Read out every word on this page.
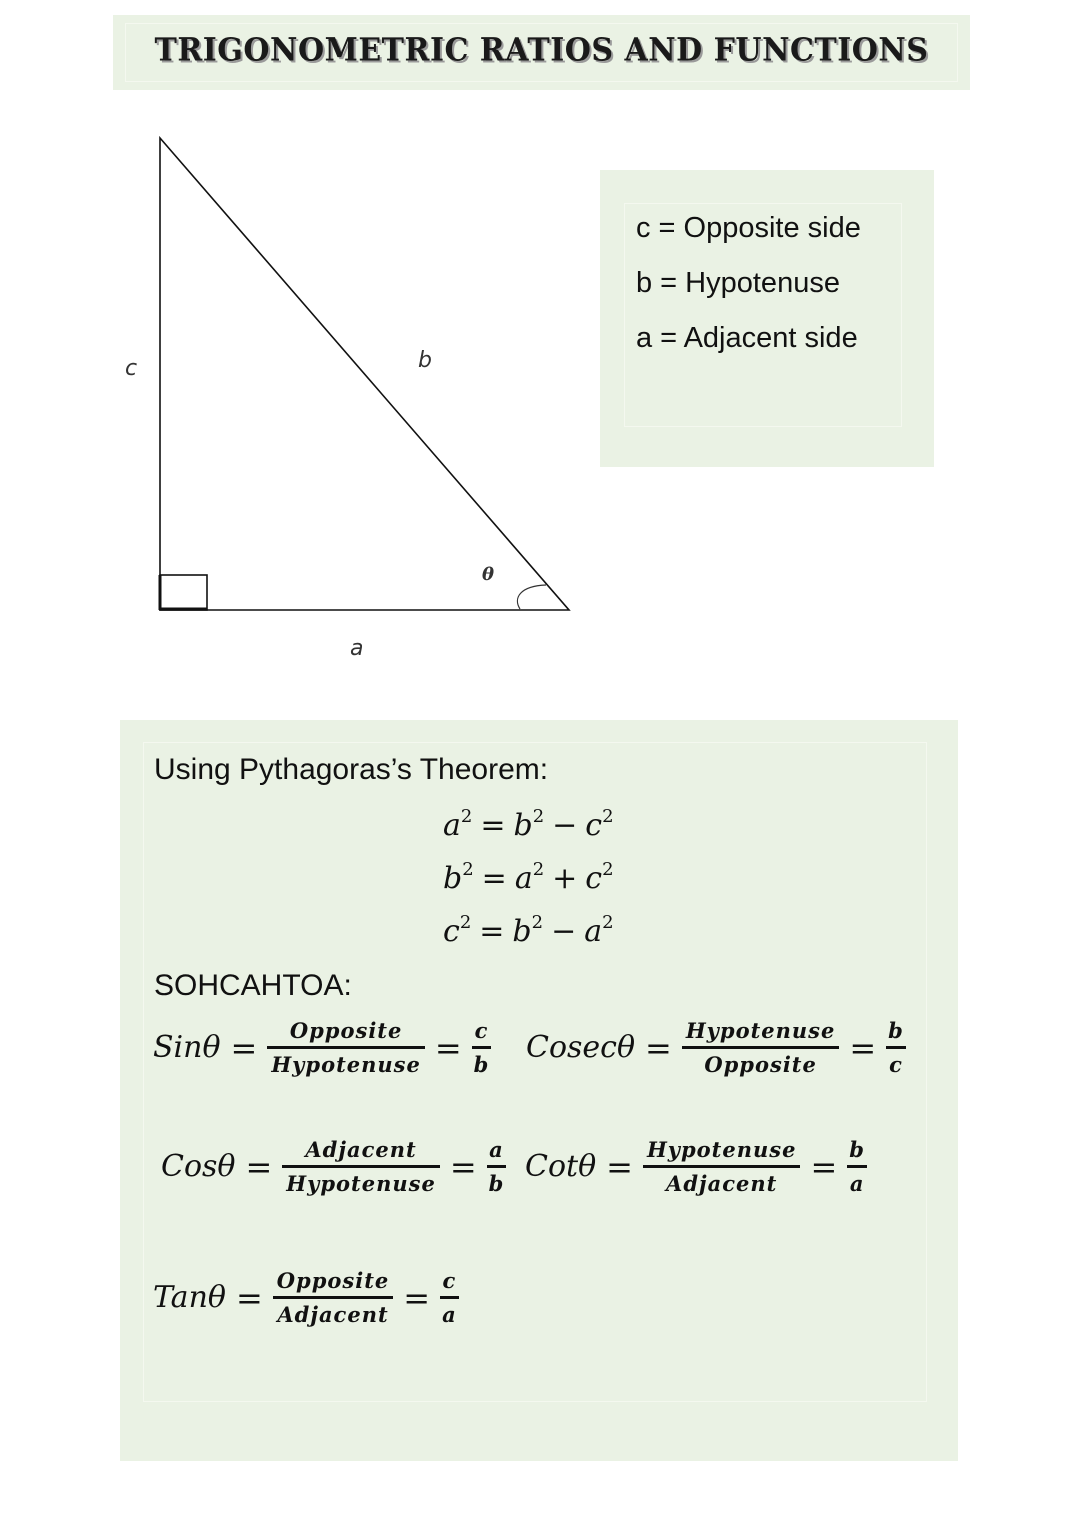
TRIGONOMETRIC RATIOS AND FUNCTIONS
c	b
a
θ
c = Opposite side
b = Hypotenuse
a = Adjacent side
Using Pythagoras’s Theorem:
$a^2 = b^2 - c^2$
$b^2 = a^2 + c^2$
$c^2 = b^2 - a^2$
SOHCAHTOA:
$Sin\theta = \frac{\text{Opposite}}{\text{Hypotenuse}} = \frac{c}{b}$ $Cosec\theta = \frac{\text{Hypotenuse}}{\text{Opposite}} = \frac{b}{c}$
$Cos\theta = \frac{\text{Adjacent}}{\text{Hypotenuse}} = \frac{a}{b}$ $Cot\theta = \frac{\text{Hypotenuse}}{\text{Adjacent}} = \frac{b}{a}$
$Tan\theta = \frac{\text{Opposite}}{\text{Adjacent}} = \frac{c}{a}$
